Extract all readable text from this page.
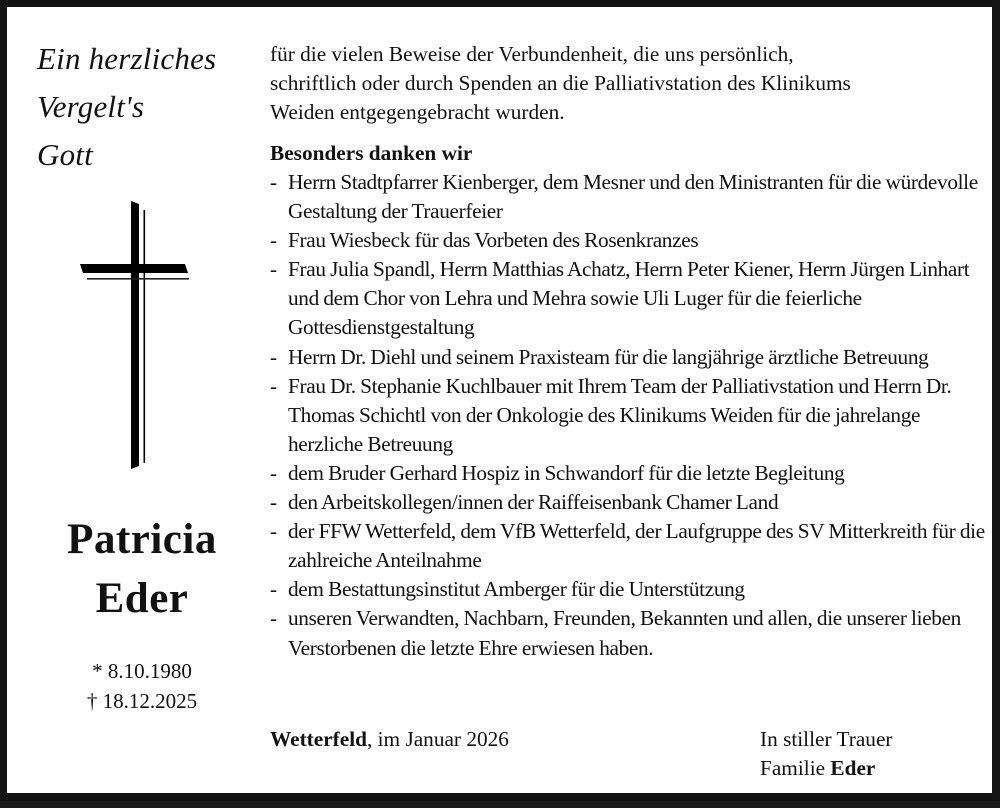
Ein herzliches
Vergelt's
Gott
Patricia
Eder
* 8.10.1980
† 18.12.2025

für die vielen Beweise der Verbundenheit, die uns persönlich,
schriftlich oder durch Spenden an die Palliativstation des Klinikums
Weiden entgegengebracht wurden.

Besonders danken wir

- Herrn Stadtpfarrer Kienberger, dem Mesner und den Ministranten für die würdevolle Gestaltung der Trauerfeier
- Frau Wiesbeck für das Vorbeten des Rosenkranzes
- Frau Julia Spandl, Herrn Matthias Achatz, Herrn Peter Kiener, Herrn Jürgen Linhart und dem Chor von Lehra und Mehra sowie Uli Luger für die feierliche Gottesdienstgestaltung
- Herrn Dr. Diehl und seinem Praxisteam für die langjährige ärztliche Betreuung
- Frau Dr. Stephanie Kuchlbauer mit Ihrem Team der Palliativstation und Herrn Dr. Thomas Schichtl von der Onkologie des Klinikums Weiden für die jahrelange herzliche Betreuung
- dem Bruder Gerhard Hospiz in Schwandorf für die letzte Begleitung
- den Arbeitskollegen/innen der Raiffeisenbank Chamer Land
- der FFW Wetterfeld, dem VfB Wetterfeld, der Laufgruppe des SV Mitterkreith für die zahlreiche Anteilnahme
- dem Bestattungsinstitut Amberger für die Unterstützung
- unseren Verwandten, Nachbarn, Freunden, Bekannten und allen, die unserer lieben Verstorbenen die letzte Ehre erwiesen haben.
Wetterfeld, im Januar 2026	In stiller Trauer
Familie Eder
